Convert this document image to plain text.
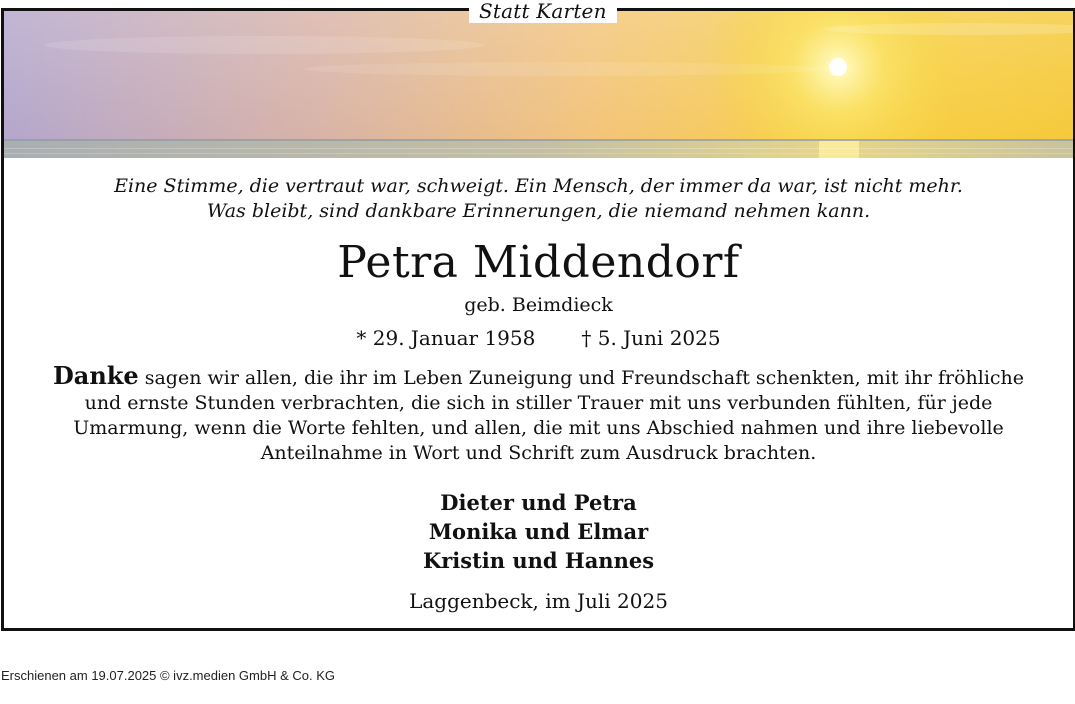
Statt Karten
Eine Stimme, die vertraut war, schweigt. Ein Mensch, der immer da war, ist nicht mehr.
Was bleibt, sind dankbare Erinnerungen, die niemand nehmen kann.
Petra Middendorf
geb. Beimdieck
* 29. Januar 1958 † 5. Juni 2025
Danke sagen wir allen, die ihr im Leben Zuneigung und Freundschaft schenkten, mit ihr fröhliche und ernste Stunden verbrachten, die sich in stiller Trauer mit uns verbunden fühlten, für jede Umarmung, wenn die Worte fehlten, und allen, die mit uns Abschied nahmen und ihre liebevolle Anteilnahme in Wort und Schrift zum Ausdruck brachten.
Dieter und Petra
Monika und Elmar
Kristin und Hannes
Laggenbeck, im Juli 2025
Erschienen am 19.07.2025 © ivz.medien GmbH & Co. KG
